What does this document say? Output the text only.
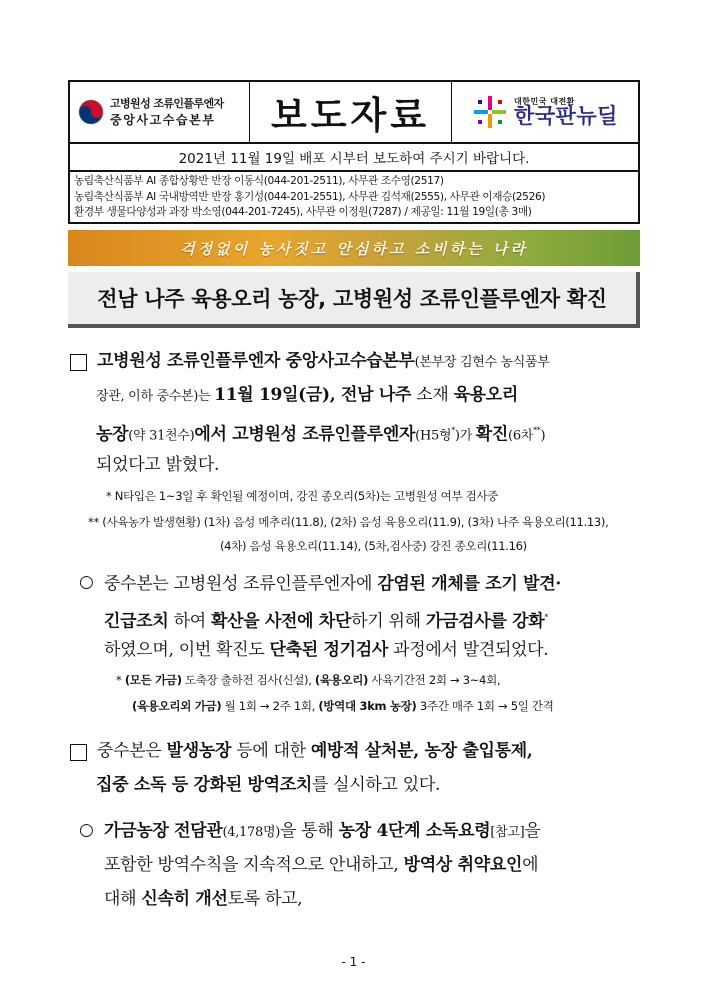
고병원성 조류인플루엔자
중앙사고수습본부 보도자료	대한민국 대전환
한국판뉴딜
2021년 11월 19일 배포 시부터 보도하여 주시기 바랍니다.
농림축산식품부 AI 종합상황반 반장 이동식(044-201-2511), 사무관 조수영(2517)
농림축산식품부 AI 국내방역반 반장 홍기성(044-201-2551), 사무관 김석재(2555), 사무관 이재승(2526)
환경부 생물다양성과 과장 박소영(044-201-7245), 사무관 이정원(7287) / 제공일: 11월 19일(총 3매)
걱정없이 농사짓고 안심하고 소비하는 나라
전남 나주 육용오리 농장, 고병원성 조류인플루엔자 확진
고병원성 조류인플루엔자 중앙사고수습본부(본부장 김현수 농식품부
장관, 이하 중수본)는 11월 19일(금), 전남 나주 소재 육용오리
농장(약 31천수)에서 고병원성 조류인플루엔자(H5형*)가 확진(6차**)
되었다고 밝혔다.
* N타입은 1~3일 후 확인될 예정이며, 강진 종오리(5차)는 고병원성 여부 검사중
** (사육농가 발생현황) (1차) 음성 메추리(11.8), (2차) 음성 육용오리(11.9), (3차) 나주 육용오리(11.13),
(4차) 음성 육용오리(11.14), (5차,검사중) 강진 종오리(11.16)
○ 중수본는 고병원성 조류인플루엔자에 감염된 개체를 조기 발견·
긴급조치 하여 확산을 사전에 차단하기 위해 가금검사를 강화*
하였으며, 이번 확진도 단축된 정기검사 과정에서 발견되었다.
* (모든 가금) 도축장 출하전 검사(신설), (육용오리) 사육기간전 2회 → 3~4회,
(육용오리외 가금) 월 1회 → 2주 1회, (방역대 3km 농장) 3주간 매주 1회 → 5일 간격
중수본은 발생농장 등에 대한 예방적 살처분, 농장 출입통제,
집중 소독 등 강화된 방역조치를 실시하고 있다.
○ 가금농장 전담관(4,178명)을 통해 농장 4단계 소독요령[참고]을
포함한 방역수칙을 지속적으로 안내하고, 방역상 취약요인에
대해 신속히 개선토록 하고,
- 1 -
